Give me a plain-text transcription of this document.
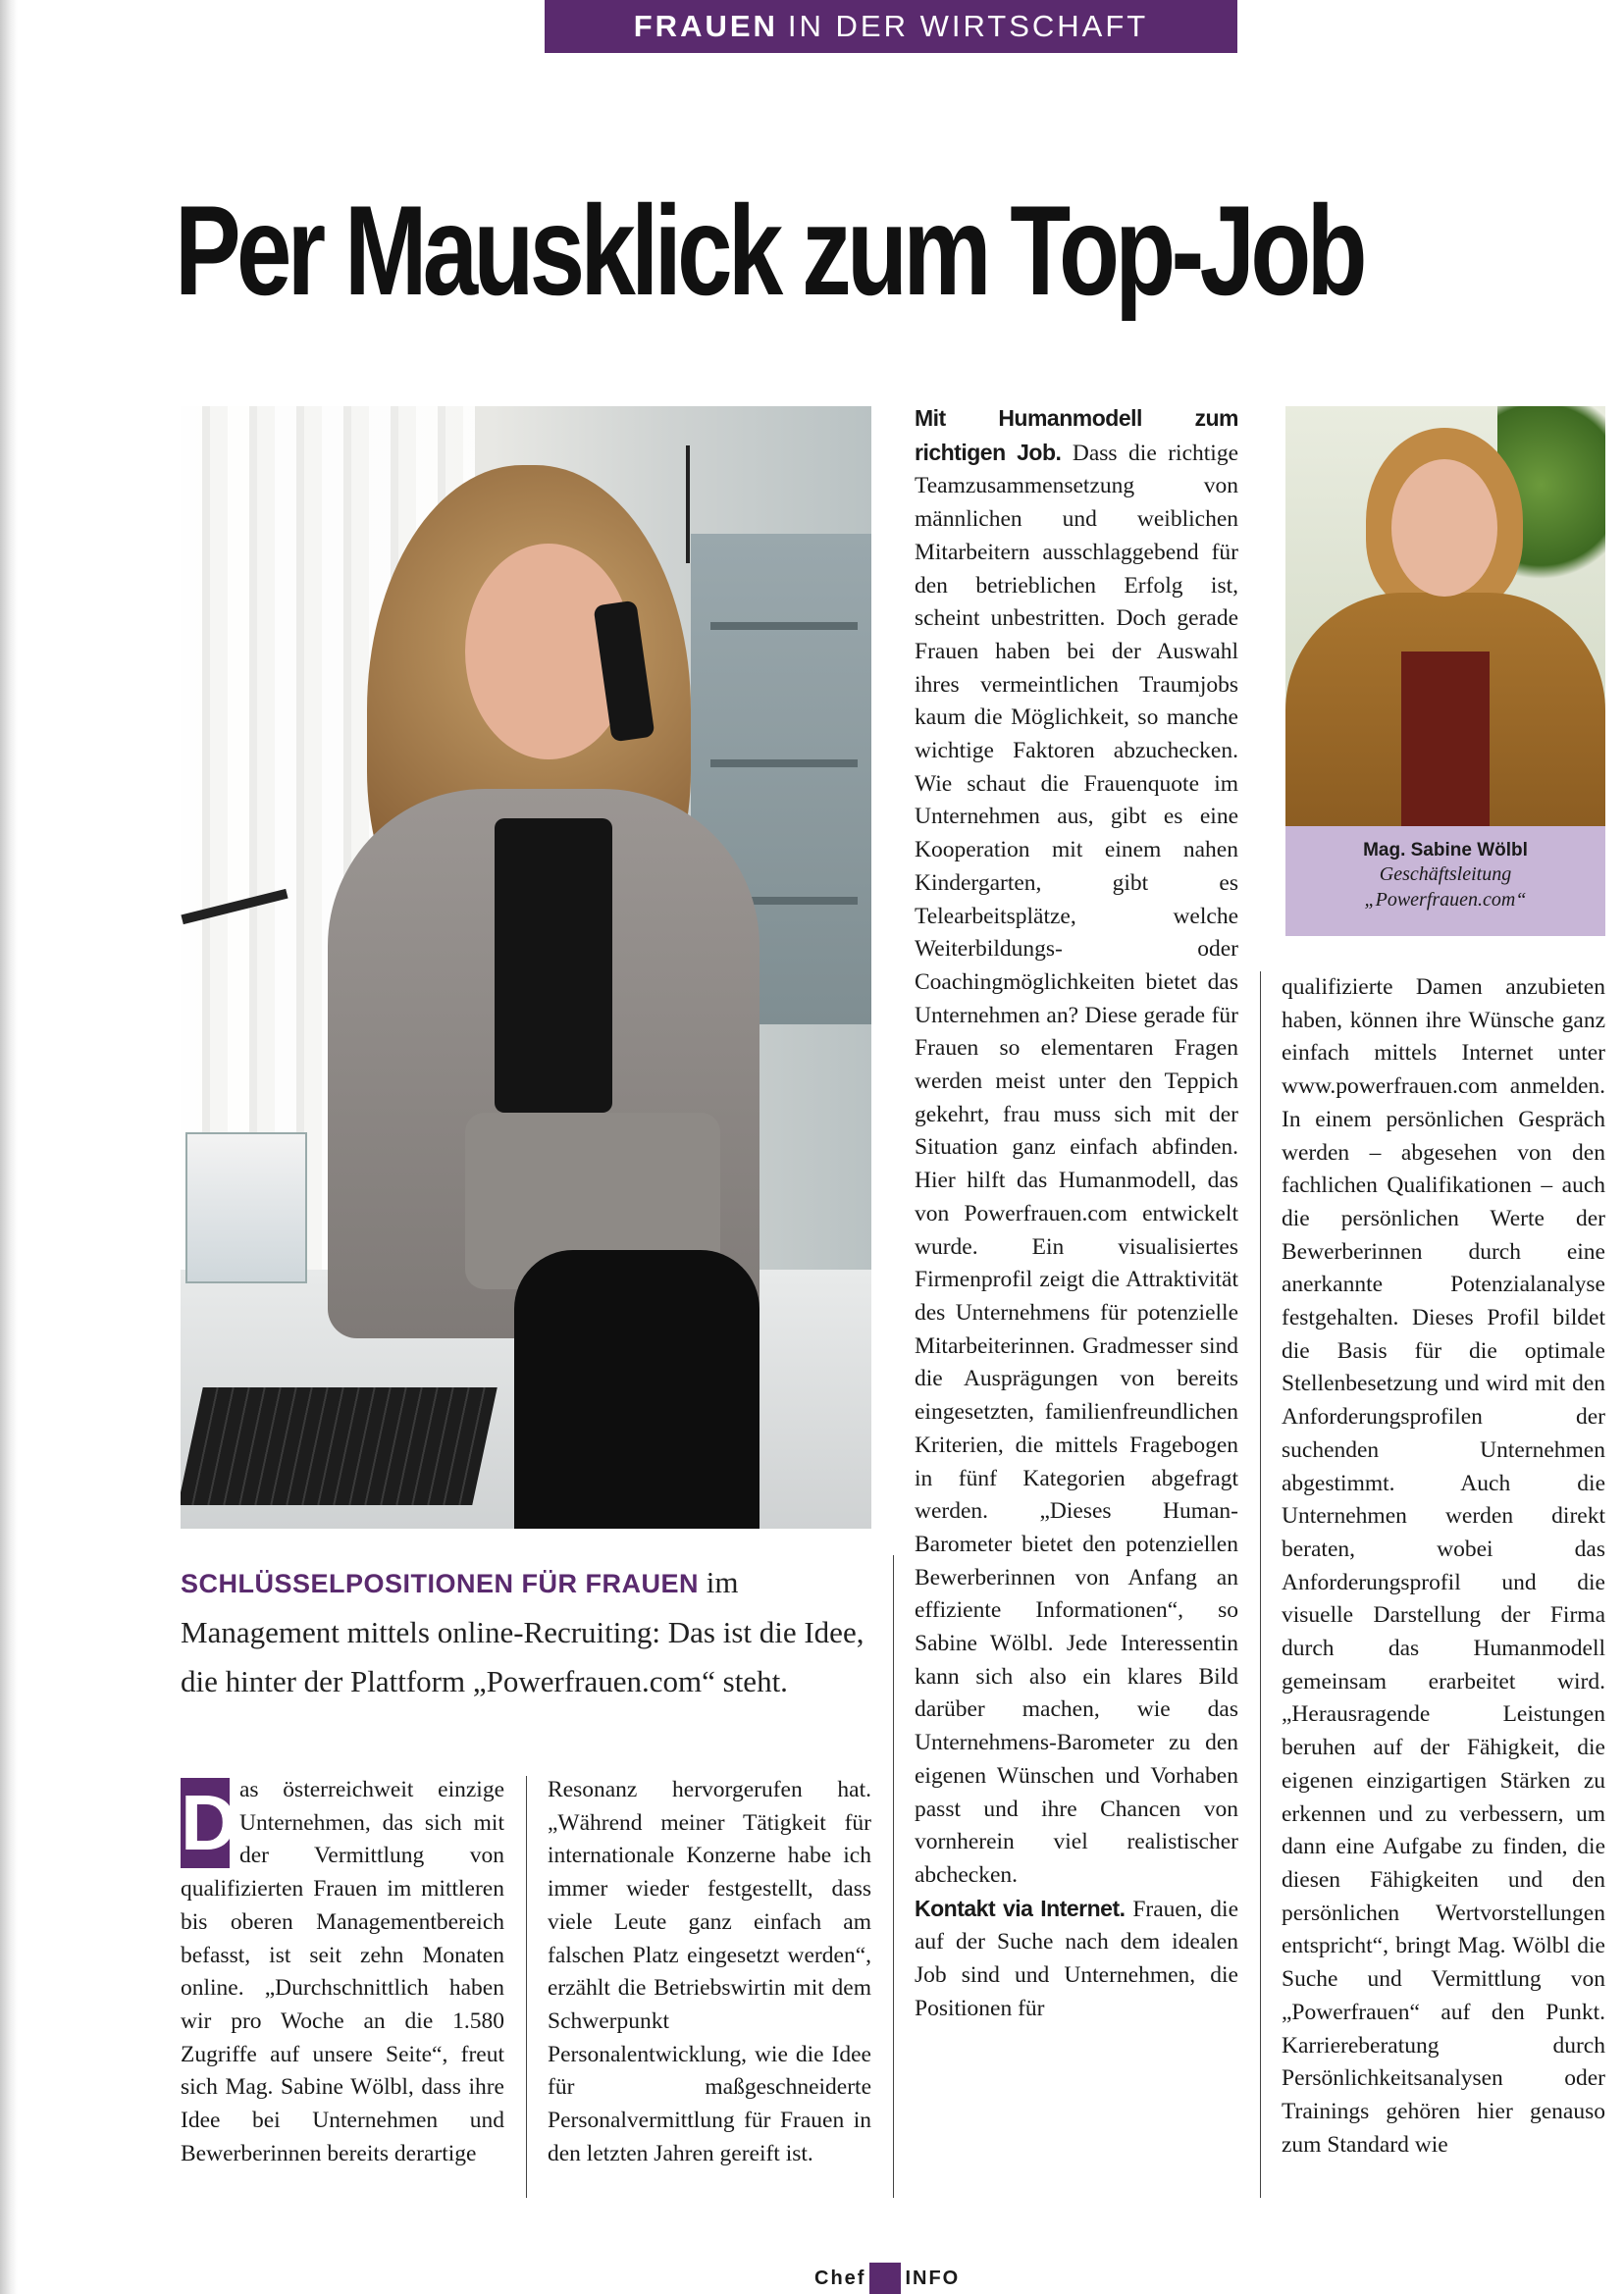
FRAUEN IN DER WIRTSCHAFT
Per Mausklick zum Top-Job
Mag. Sabine Wölbl
Geschäftsleitung
„Powerfrauen.com“
SCHLÜSSELPOSITIONEN FÜR FRAUEN im Management mittels online-Recruiting: Das ist die Idee, die hinter der Plattform „Powerfrauen.com“ steht.
D as österreichweit einzige Unternehmen, das sich mit der Vermittlung von qualifizierten Frauen im mittleren bis oberen Managementbereich befasst, ist seit zehn Monaten online. „Durchschnittlich haben wir pro Woche an die 1.580 Zugriffe auf unsere Seite“, freut sich Mag. Sabine Wölbl, dass ihre Idee bei Unternehmen und Bewerberinnen bereits derartige
Resonanz hervorgerufen hat. „Während meiner Tätigkeit für internationale Konzerne habe ich immer wieder festgestellt, dass viele Leute ganz einfach am falschen Platz eingesetzt werden“, erzählt die Betriebswirtin mit dem Schwerpunkt Personalentwicklung, wie die Idee für maßgeschneiderte Personalvermittlung für Frauen in den letzten Jahren gereift ist.
Mit Humanmodell zum richtigen Job. Dass die richtige Teamzusammensetzung von männlichen und weiblichen Mitarbeitern ausschlaggebend für den betrieblichen Erfolg ist, scheint unbestritten. Doch gerade Frauen haben bei der Auswahl ihres vermeintlichen Traumjobs kaum die Möglichkeit, so manche wichtige Faktoren abzuchecken. Wie schaut die Frauenquote im Unternehmen aus, gibt es eine Kooperation mit einem nahen Kindergarten, gibt es Telearbeitsplätze, welche Weiterbildungs- oder Coachingmöglichkeiten bietet das Unternehmen an? Diese gerade für Frauen so elementaren Fragen werden meist unter den Teppich gekehrt, frau muss sich mit der Situation ganz einfach abfinden. Hier hilft das Humanmodell, das von Powerfrauen.com entwickelt wurde. Ein visualisiertes Firmenprofil zeigt die Attraktivität des Unternehmens für potenzielle Mitarbeiterinnen. Gradmesser sind die Ausprägungen von bereits eingesetzten, familienfreundlichen Kriterien, die mittels Fragebogen in fünf Kategorien abgefragt werden. „Dieses Human-Barometer bietet den potenziellen Bewerberinnen von Anfang an effiziente Informationen“, so Sabine Wölbl. Jede Interessentin kann sich also ein klares Bild darüber machen, wie das Unternehmens-Barometer zu den eigenen Wünschen und Vorhaben passt und ihre Chancen von vornherein viel realistischer abchecken.
Kontakt via Internet. Frauen, die auf der Suche nach dem idealen Job sind und Unternehmen, die Positionen für
qualifizierte Damen anzubieten haben, können ihre Wünsche ganz einfach mittels Internet unter www.powerfrauen.com anmelden. In einem persönlichen Gespräch werden – abgesehen von den fachlichen Qualifikationen – auch die persönlichen Werte der Bewerberinnen durch eine anerkannte Potenzialanalyse festgehalten. Dieses Profil bildet die Basis für die optimale Stellenbesetzung und wird mit den Anforderungsprofilen der suchenden Unternehmen abgestimmt. Auch die Unternehmen werden direkt beraten, wobei das Anforderungsprofil und die visuelle Darstellung der Firma durch das Humanmodell gemeinsam erarbeitet wird. „Herausragende Leistungen beruhen auf der Fähigkeit, die eigenen einzigartigen Stärken zu erkennen und zu verbessern, um dann eine Aufgabe zu finden, die diesen Fähigkeiten und den persönlichen Wertvorstellungen entspricht“, bringt Mag. Wölbl die Suche und Vermittlung von „Powerfrauen“ auf den Punkt. Karriereberatung durch Persönlichkeitsanalysen oder Trainings gehören hier genauso zum Standard wie
Chef INFO
